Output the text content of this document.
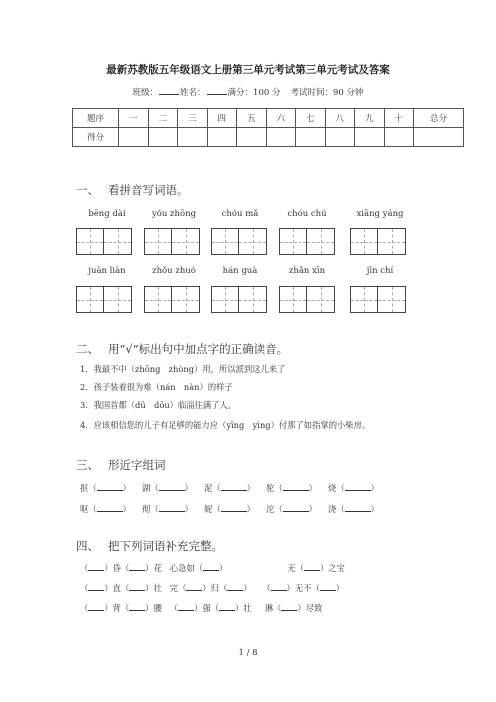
最新苏教版五年级语文上册第三单元考试第三单元考试及答案
班级：	姓名：	满分：100 分 考试时间：90 分钟
题序	一	二	三	四	五	六	七	八	九	十	总分
得分											
一、 看拼音写词语。
bēng dài	yóu zhōng	chóu mǎ	chóu chú	xiāng yáng
juàn liàn	zhǒu zhuó	hán guà	zhǎn xīn	jīn chí
二、 用“√”标出句中加点字的正确读音。
1．我最不中（zhōng　zhòng）用，所以派到这儿来了
2．孩子装着很为难（nán　nàn）的样子
3．我国首都（dū　dōu）临淄住满了人。
4．应该相信您的儿子有足够的能力应（yīng　yìng）付那了如指掌的小柴房。
三、 形近字组词
抠（	） 湖（	） 泥（	） 驼（	） 烧（	）
呕（	） 彻（	） 妮（	） 沱（	） 浇（	）
四、 把下列词语补充完整。
（ ）昏（ ）花 心急如（ ）	无（ ）之宝
（ ）直（ ）壮 完（ ）归（ ）    （ ）无不（ ）
（ ）背（ ）腰   （ ）强（ ）壮 淋（ ）尽致
1 / 8
